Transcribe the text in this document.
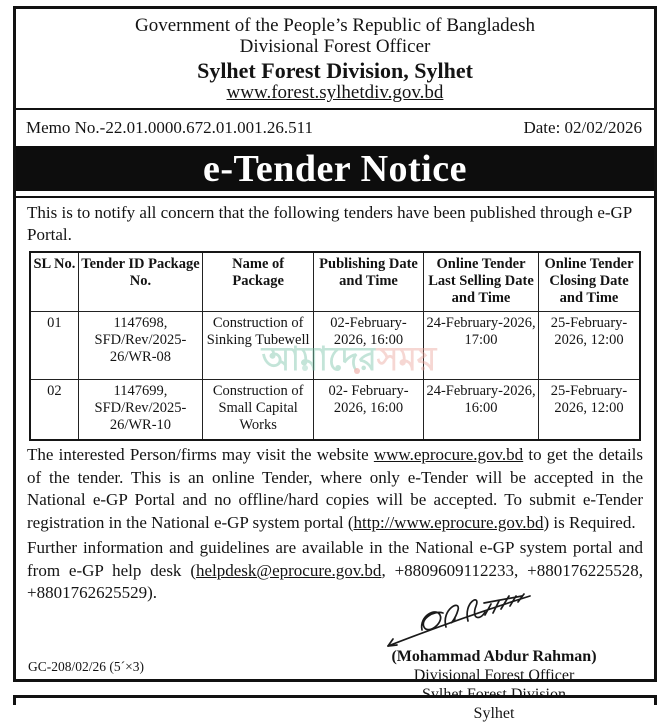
Government of the People’s Republic of Bangladesh
Divisional Forest Officer
Sylhet Forest Division, Sylhet
www.forest.sylhetdiv.gov.bd
Memo No.-22.01.0000.672.01.001.26.511	Date: 02/02/2026
e-Tender Notice

This is to notify all concern that the following tenders have been published through e-GP Portal.

SL No.	Tender ID Package No.	Name of Package	Publishing Date and Time	Online Tender Last Selling Date and Time	Online Tender Closing Date and Time
01	1147698, SFD/Rev/2025-26/WR-08	Construction of Sinking Tubewell	02-February-2026, 16:00	24-February-2026, 17:00	25-February-2026, 12:00
02	1147699, SFD/Rev/2025-26/WR-10	Construction of Small Capital Works	02- February-2026, 16:00	24-February-2026, 16:00	25-February-2026, 12:00

The interested Person/firms may visit the website www.eprocure.gov.bd to get the details of the tender. This is an online Tender, where only e-Tender will be accepted in the National e-GP Portal and no offline/hard copies will be accepted. To submit e-Tender registration in the National e-GP system portal (http://www.eprocure.gov.bd) is Required.

Further information and guidelines are available in the National e-GP system portal and from e-GP help desk (helpdesk@eprocure.gov.bd, +8809609112233, +880176225528, +8801762625529).

(Mohammad Abdur Rahman)
Divisional Forest Officer
Sylhet
আমাদেরসময়
GC-208/02/26 (5´×3)
